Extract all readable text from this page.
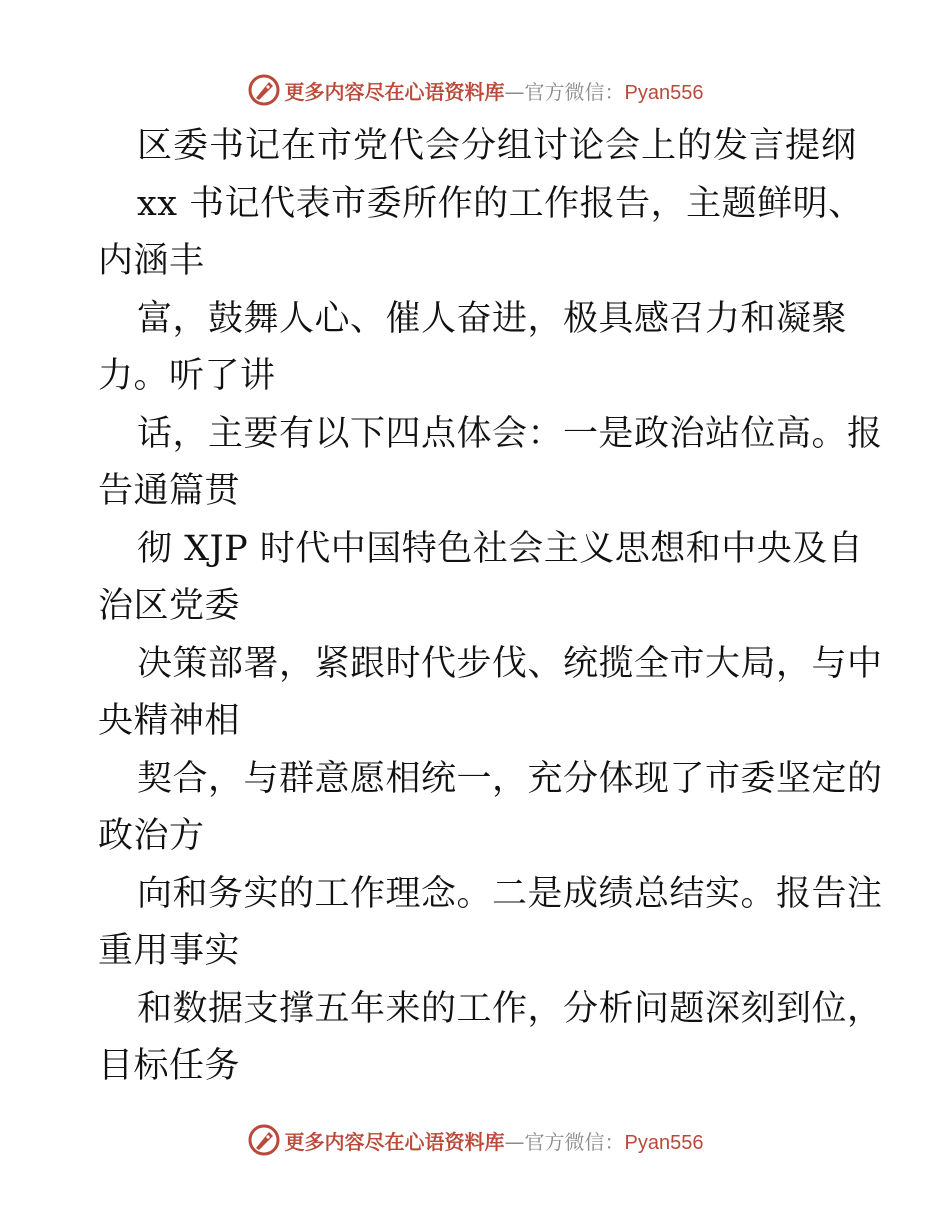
更多内容尽在心语资料库—官方微信：Pyan556
区委书记在市党代会分组讨论会上的发言提纲
xx 书记代表市委所作的工作报告，主题鲜明、
内涵丰
富，鼓舞人心、催人奋进，极具感召力和凝聚
力。听了讲
话，主要有以下四点体会：一是政治站位高。报
告通篇贯
彻 XJP 时代中国特色社会主义思想和中央及自
治区党委
决策部署，紧跟时代步伐、统揽全市大局，与中
央精神相
契合，与群意愿相统一，充分体现了市委坚定的
政治方
向和务实的工作理念。二是成绩总结实。报告注
重用事实
和数据支撑五年来的工作，分析问题深刻到位，
目标任务
更多内容尽在心语资料库—官方微信：Pyan556
